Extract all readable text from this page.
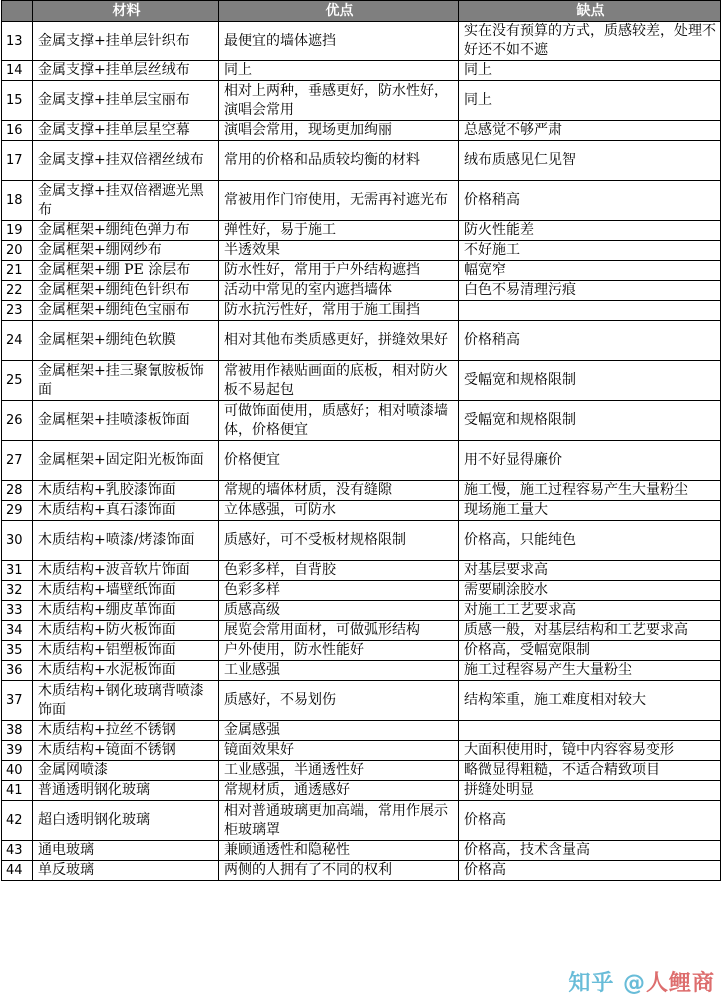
	材料	优点	缺点
13	金属支撑+挂单层针织布	最便宜的墙体遮挡	实在没有预算的方式，质感较差，处理不好还不如不遮
14	金属支撑+挂单层丝绒布	同上	同上
15	金属支撑+挂单层宝丽布	相对上两种，垂感更好，防水性好，演唱会常用	同上
16	金属支撑+挂单层星空幕	演唱会常用，现场更加绚丽	总感觉不够严肃
17	金属支撑+挂双倍褶丝绒布	常用的价格和品质较均衡的材料	绒布质感见仁见智
18	金属支撑+挂双倍褶遮光黑布	常被用作门帘使用，无需再衬遮光布	价格稍高
19	金属框架+绷纯色弹力布	弹性好，易于施工	防火性能差
20	金属框架+绷网纱布	半透效果	不好施工
21	金属框架+绷 PE 涂层布	防水性好，常用于户外结构遮挡	幅宽窄
22	金属框架+绷纯色针织布	活动中常见的室内遮挡墙体	白色不易清理污痕
23	金属框架+绷纯色宝丽布	防水抗污性好，常用于施工围挡	
24	金属框架+绷纯色软膜	相对其他布类质感更好，拼缝效果好	价格稍高
25	金属框架+挂三聚氰胺板饰面	常被用作裱贴画面的底板，相对防火板不易起包	受幅宽和规格限制
26	金属框架+挂喷漆板饰面	可做饰面使用，质感好；相对喷漆墙体，价格便宜	受幅宽和规格限制
27	金属框架+固定阳光板饰面	价格便宜	用不好显得廉价
28	木质结构+乳胶漆饰面	常规的墙体材质，没有缝隙	施工慢，施工过程容易产生大量粉尘
29	木质结构+真石漆饰面	立体感强，可防水	现场施工量大
30	木质结构+喷漆/烤漆饰面	质感好，可不受板材规格限制	价格高，只能纯色
31	木质结构+波音软片饰面	色彩多样，自背胶	对基层要求高
32	木质结构+墙壁纸饰面	色彩多样	需要刷涂胶水
33	木质结构+绷皮革饰面	质感高级	对施工工艺要求高
34	木质结构+防火板饰面	展览会常用面材，可做弧形结构	质感一般，对基层结构和工艺要求高
35	木质结构+铝塑板饰面	户外使用，防水性能好	价格高，受幅宽限制
36	木质结构+水泥板饰面	工业感强	施工过程容易产生大量粉尘
37	木质结构+钢化玻璃背喷漆饰面	质感好，不易划伤	结构笨重，施工难度相对较大
38	木质结构+拉丝不锈钢	金属感强	
39	木质结构+镜面不锈钢	镜面效果好	大面积使用时，镜中内容容易变形
40	金属网喷漆	工业感强，半通透性好	略微显得粗糙，不适合精致项目
41	普通透明钢化玻璃	常规材质，通透感好	拼缝处明显
42	超白透明钢化玻璃	相对普通玻璃更加高端，常用作展示柜玻璃罩	价格高
43	通电玻璃	兼顾通透性和隐秘性	价格高，技术含量高
44	单反玻璃	两侧的人拥有了不同的权利	价格高
知乎 @人鲤商
